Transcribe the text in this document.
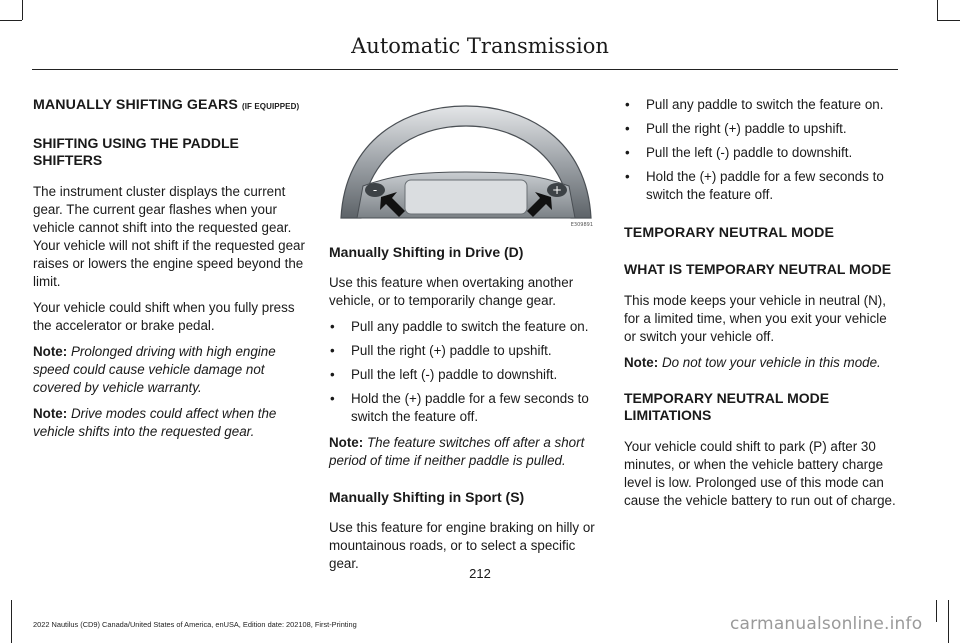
Automatic Transmission
MANUALLY SHIFTING GEARS (IF EQUIPPED)
SHIFTING USING THE PADDLE SHIFTERS

The instrument cluster displays the current gear. The current gear flashes when your vehicle cannot shift into the requested gear. Your vehicle will not shift if the requested gear raises or lowers the engine speed beyond the limit.

Your vehicle could shift when you fully press the accelerator or brake pedal.

Note: Prolonged driving with high engine speed could cause vehicle damage not covered by vehicle warranty.

Note: Drive modes could affect when the vehicle shifts into the requested gear.

-	+
E309891
Manually Shifting in Drive (D)

Use this feature when overtaking another vehicle, or to temporarily change gear.

• Pull any paddle to switch the feature on.
• Pull the right (+) paddle to upshift.
• Pull the left (-) paddle to downshift.
• Hold the (+) paddle for a few seconds to switch the feature off.

Note: The feature switches off after a short period of time if neither paddle is pulled.

Manually Shifting in Sport (S)

Use this feature for engine braking on hilly or mountainous roads, or to select a specific gear.

• Pull any paddle to switch the feature on.
• Pull the right (+) paddle to upshift.
• Pull the left (-) paddle to downshift.
• Hold the (+) paddle for a few seconds to switch the feature off.
TEMPORARY NEUTRAL MODE
WHAT IS TEMPORARY NEUTRAL MODE

This mode keeps your vehicle in neutral (N), for a limited time, when you exit your vehicle or switch your vehicle off.

Note: Do not tow your vehicle in this mode.

TEMPORARY NEUTRAL MODE LIMITATIONS

Your vehicle could shift to park (P) after 30 minutes, or when the vehicle battery charge level is low. Prolonged use of this mode can cause the vehicle battery to run out of charge.

212
2022 Nautilus (CD9) Canada/United States of America, enUSA, Edition date: 202108, First-Printing	carmanualsonline.info
